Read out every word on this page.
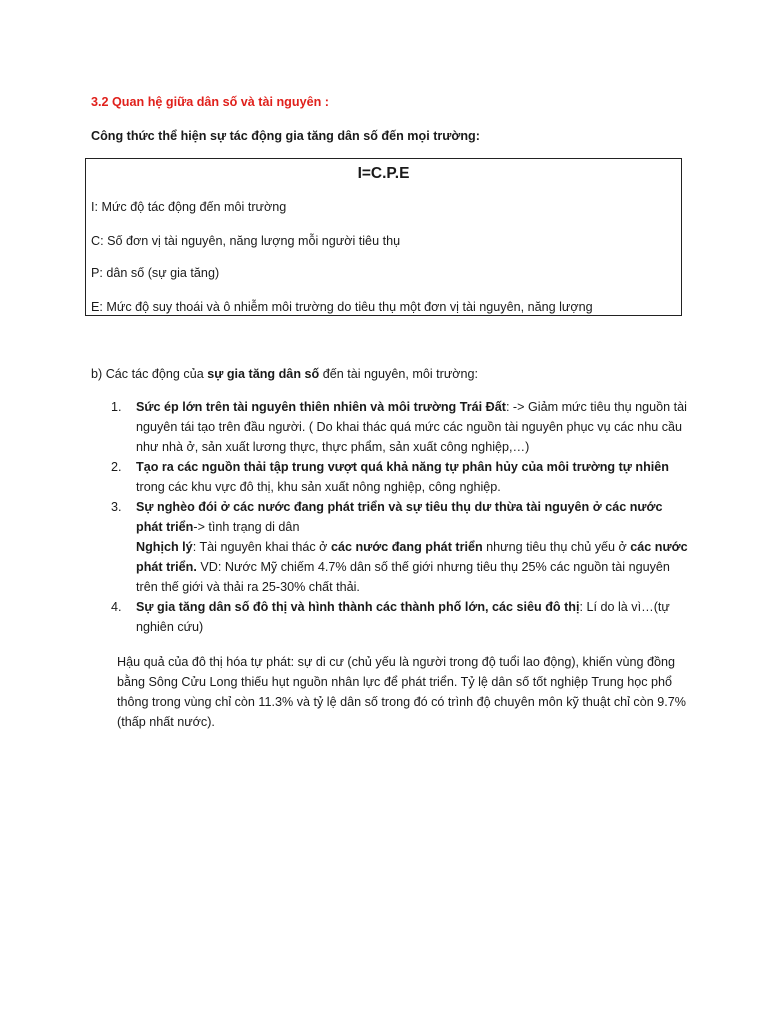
3.2 Quan hệ giữa dân số và tài nguyên :
Công thức thể hiện sự tác động gia tăng dân số đến mọi trường:
I=C.P.E
I: Mức độ tác động đến môi trường
C: Số đơn vị tài nguyên, năng lượng mỗi người tiêu thụ
P: dân số (sự gia tăng)
E: Mức độ suy thoái và ô nhiễm môi trường do tiêu thụ một đơn vị tài nguyên, năng lượng
b) Các tác động của sự gia tăng dân số đến tài nguyên, môi trường:
1. Sức ép lớn trên tài nguyên thiên nhiên và môi trường Trái Đất: -> Giảm mức tiêu thụ nguồn tài nguyên tái tạo trên đầu người. ( Do khai thác quá mức các nguồn tài nguyên phục vụ các nhu cầu như nhà ở, sản xuất lương thực, thực phẩm, sản xuất công nghiệp,…)
2. Tạo ra các nguồn thải tập trung vượt quá khả năng tự phân hủy của môi trường tự nhiên trong các khu vực đô thị, khu sản xuất nông nghiệp, công nghiệp.
3. Sự nghèo đói ở các nước đang phát triển và sự tiêu thụ dư thừa tài nguyên ở các nước phát triển-> tình trạng di dân
Nghịch lý: Tài nguyên khai thác ở các nước đang phát triển nhưng tiêu thụ chủ yếu ở các nước phát triển. VD: Nước Mỹ chiếm 4.7% dân số thế giới nhưng tiêu thụ 25% các nguồn tài nguyên trên thế giới và thải ra 25-30% chất thải.
4. Sự gia tăng dân số đô thị và hình thành các thành phố lớn, các siêu đô thị: Lí do là vì…(tự nghiên cứu)
Hậu quả của đô thị hóa tự phát: sự di cư (chủ yếu là người trong độ tuổi lao động), khiến vùng đồng bằng Sông Cửu Long thiếu hụt nguồn nhân lực để phát triển. Tỷ lệ dân số tốt nghiệp Trung học phổ thông trong vùng chỉ còn 11.3% và tỷ lệ dân số trong đó có trình độ chuyên môn kỹ thuật chỉ còn 9.7% (thấp nhất nước).
